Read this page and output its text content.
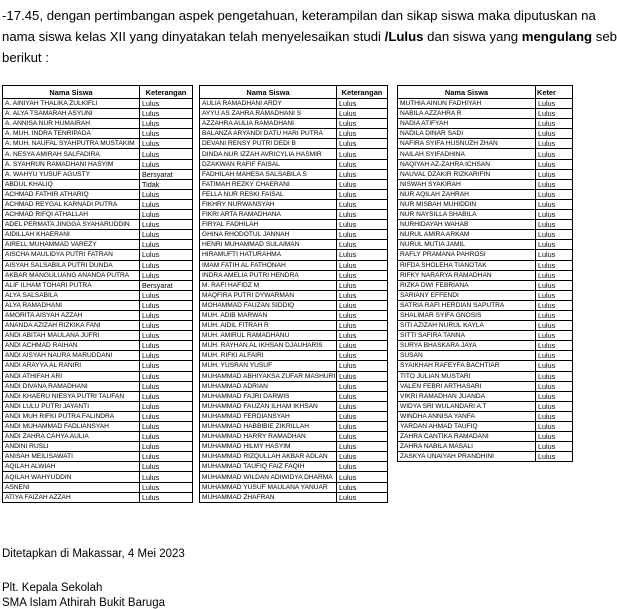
-17.45, dengan pertimbangan aspek pengetahuan, keterampilan dan sikap siswa maka diputuskan na
nama siswa kelas XII yang dinyatakan telah menyelesaikan studi /Lulus dan siswa yang mengulang seb
berikut :
Nama Siswa	Keterangan
A. AINIYAH THALIKA ZULKIFLI	Lulus
A. ALYA TSAMARAH ASYUNI	Lulus
A. ANNISA NUR HUMAIRAH	Lulus
A. MUH. INDRA TENRIPADA	Lulus
A. MUH. NAUFAL SYAHPUTRA MUSTAKIM	Lulus
A. NESYA AMIRAH SALFADIRA	Lulus
A. SYAHRUN RAMADHANI HASYIM	Lulus
A. WAHYU YUSUF AGUSTY	Bersyarat
ABDUL KHALIQ	Tidak
ACHMAD FATHIR ATHARIQ	Lulus
ACHMAD REYGAL KARNADI PUTRA	Lulus
ACHMAD RIFQI ATHALLAH	Lulus
ADEL PERMATA JINGGA SYAHARUDDIN	Lulus
AIDILLAH KHAERANI	Lulus
AIRELL MUHAMMAD VAREZY	Lulus
AISCHA MAULIDYA PUTRI FATRAN	Lulus
AISYAH SALSABILA PUTRI DUNDA	Lulus
AKBAR MANGULUANG ANANDA PUTRA	Lulus
ALIF ILHAM TOHARI PUTRA	Bersyarat
ALYA SALSABILA	Lulus
ALYA RAMADHANI	Lulus
AMORITA AISYAH AZZAH	Lulus
ANANDA AZIZAH RIZKIKA FANI	Lulus
ANDI ABITAH MAULANA JUFRI	Lulus
ANDI ACHMAD RAIHAN	Lulus
ANDI AISYAH NAURA MARUDDANI	Lulus
ANDI ARAYYA AL RANIRI	Lulus
ANDI ATHIFAH ARI	Lulus
ANDI DIVANA RAMADHANI	Lulus
ANDI KHAERU NIESYA PUTRI TAUFAN	Lulus
ANDI LULU PUTRI JAYANTI	Lulus
ANDI MUH RIFKI PUTRA FALINDRA	Lulus
ANDI MUHAMMAD FADLIANSYAH	Lulus
ANDI ZAHRA CAHYA AULIA	Lulus
ANDINI RUSLI	Lulus
ANISAH MEILISAWATI	Lulus
AQILAH ALWIAH	Lulus
AQILAH WAHYUDDIN	Lulus
ASNENI	Lulus
ATIYA FAIZAH AZZAH	Lulus
Nama Siswa	Keterangan
AULIA RAMADHANI ARDY	Lulus
AYYU AS ZAHRA RAMADHANI S	Lulus
AZZAHRA AULIA RAMADHANI	Lulus
BALANZA ARYANDI DATU HARI PUTRA	Lulus
DEVANI RENSY PUTRI DEDI B	Lulus
DINDA NUR IZZAH AVRICYLIA HASMIR	Lulus
DZAKWAN RAFIF FAISAL	Lulus
FADHILAH MAHESA SALSABILA S	Lulus
FATIMAH REZKY CHAERANI	Lulus
FELLA NUR RESKI FAISAL	Lulus
FIKHRY NURWANSYAH	Lulus
FIKRI ARTA RAMADHANA	Lulus
FIRYAL FADHILAH	Lulus
GHINA RHODOTUL JANNAH	Lulus
HENRI MUHAMMAD SULAIMAN	Lulus
HIRAMUFTI HATURAHMA	Lulus
IMAM FATIH AL FATHONAH	Lulus
INDRA AMELIA PUTRI HENDRA	Lulus
M. RAFI HAFIDZ M	Lulus
MAQFIRA PUTRI DYWARMAN	Lulus
MOHAMMAD FAUZAN SIDDIQ	Lulus
MUH. ADIB MARWAN	Lulus
MUH. AIDIL FITRAH R	Lulus
MUH. AMIRUL RAMADHANU	Lulus
MUH. RAYHAN AL IKHSAN DJAUHARIS	Lulus
MUH. RIFKI ALFAIRI	Lulus
MUH. YUSRAN YUSUF	Lulus
MUHAMMAD ABHIYAKSA ZUFAR MASHURI	Lulus
MUHAMMAD ADRIAN	Lulus
MUHAMMAD FAJRI DARWIS	Lulus
MUHAMMAD FAUZAN ILHAM IKHSAN	Lulus
MUHAMMAD FERDIANSYAH	Lulus
MUHAMMAD HABBIBIE ZIKRILLAH	Lulus
MUHAMMAD HARRY RAMADHAN	Lulus
MUHAMMAD HILMY HASYIM	Lulus
MUHAMMAD RIZQULLAH AKBAR ADLAN	Lulus
MUHAMMAD TAUFIQ FAIZ FAQIH	Lulus
MUHAMMAD WILDAN ADIWIDYA DHARMA	Lulus
MUHAMMAD YUSUF MAULANA YANUAR	Lulus
MUHAMMAD ZHAFRAN	Lulus
Nama Siswa	Keter
MUTHIA AINUN FADHIYAH	Lulus
NABILA AZZAHRA R	Lulus
NADIA ATIFYAH	Lulus
NADILA DINAR SADI	Lulus
NAFIRA SYIFA HUSNUZH ZHAN	Lulus
NAILAH SYIFADHINA	Lulus
NAQIYAH AZ-ZAHRA ICHSAN	Lulus
NAUVAL DZAKIR RIZKARIFIN	Lulus
NISWAH SYAKIRAH	Lulus
NUR AQILAH ZAHRAH	Lulus
NUR MISBAH MUHIDDIN	Lulus
NUR NAYSILLA SHABILA	Lulus
NURHIDAYAH WAHAB	Lulus
NURUL AMIRA ARKAM	Lulus
NURUL MUTIA JAMIL	Lulus
RAFLY PRAMANA PAHROSI	Lulus
RIFDA SHOLEHA TIANOTAK	Lulus
RIFKY NARARYA RAMADHAN	Lulus
RIZKA DWI FEBRIANA	Lulus
SARIANY EFFENDI	Lulus
SATRIA RAFI HERDIAN SAPUTRA	Lulus
SHALIMAR SYIFA GNOSIS	Lulus
SITI AZIZAH NURUL KAYLA	Lulus
SITTI SAFIRA TANNA	Lulus
SURYA BHASKARA JAYA	Lulus
SUSAN	Lulus
SYAIKHAH RAFEYFA BACHTIAR	Lulus
TITO JULIAN MUSTARI	Lulus
VALEN FEBRI ARTHASARI	Lulus
VIKRI RAMADHAN JUANDA	Lulus
WIDYA SRI WULANDARI A.T	Lulus
WINDHA ANNISA YANFA	Lulus
YARDAN AHMAD TAUFIQ	Lulus
ZAHRA CANTIKA RAMADANI	Lulus
ZAHRA NABILA MASALI	Lulus
ZASKYA UNAIYAH PRANDHINI	Lulus
Ditetapkan di Makassar, 4 Mei 2023
Plt. Kepala Sekolah
SMA Islam Athirah Bukit Baruga
